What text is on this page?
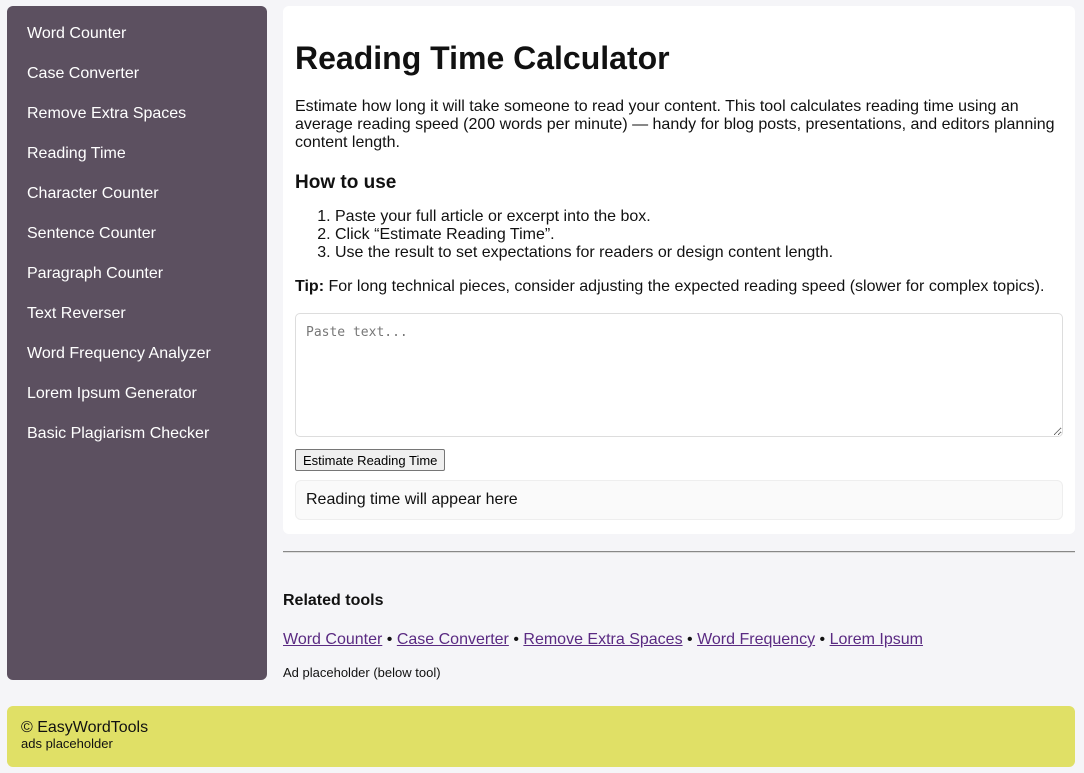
Word Counter
Case Converter
Remove Extra Spaces
Reading Time
Character Counter
Sentence Counter
Paragraph Counter
Text Reverser
Word Frequency Analyzer
Lorem Ipsum Generator
Basic Plagiarism Checker
Reading Time Calculator

Estimate how long it will take someone to read your content. This tool calculates reading time using an average reading speed (200 words per minute) — handy for blog posts, presentations, and editors planning content length.

How to use
1. Paste your full article or excerpt into the box.
2. Click “Estimate Reading Time”.
3. Use the result to set expectations for readers or design content length.

Tip: For long technical pieces, consider adjusting the expected reading speed (slower for complex topics).

Paste text... Estimate Reading Time
Reading time will appear here
Related tools
Word Counter • Case Converter • Remove Extra Spaces • Word Frequency • Lorem Ipsum
Ad placeholder (below tool)
© EasyWordTools
ads placeholder
